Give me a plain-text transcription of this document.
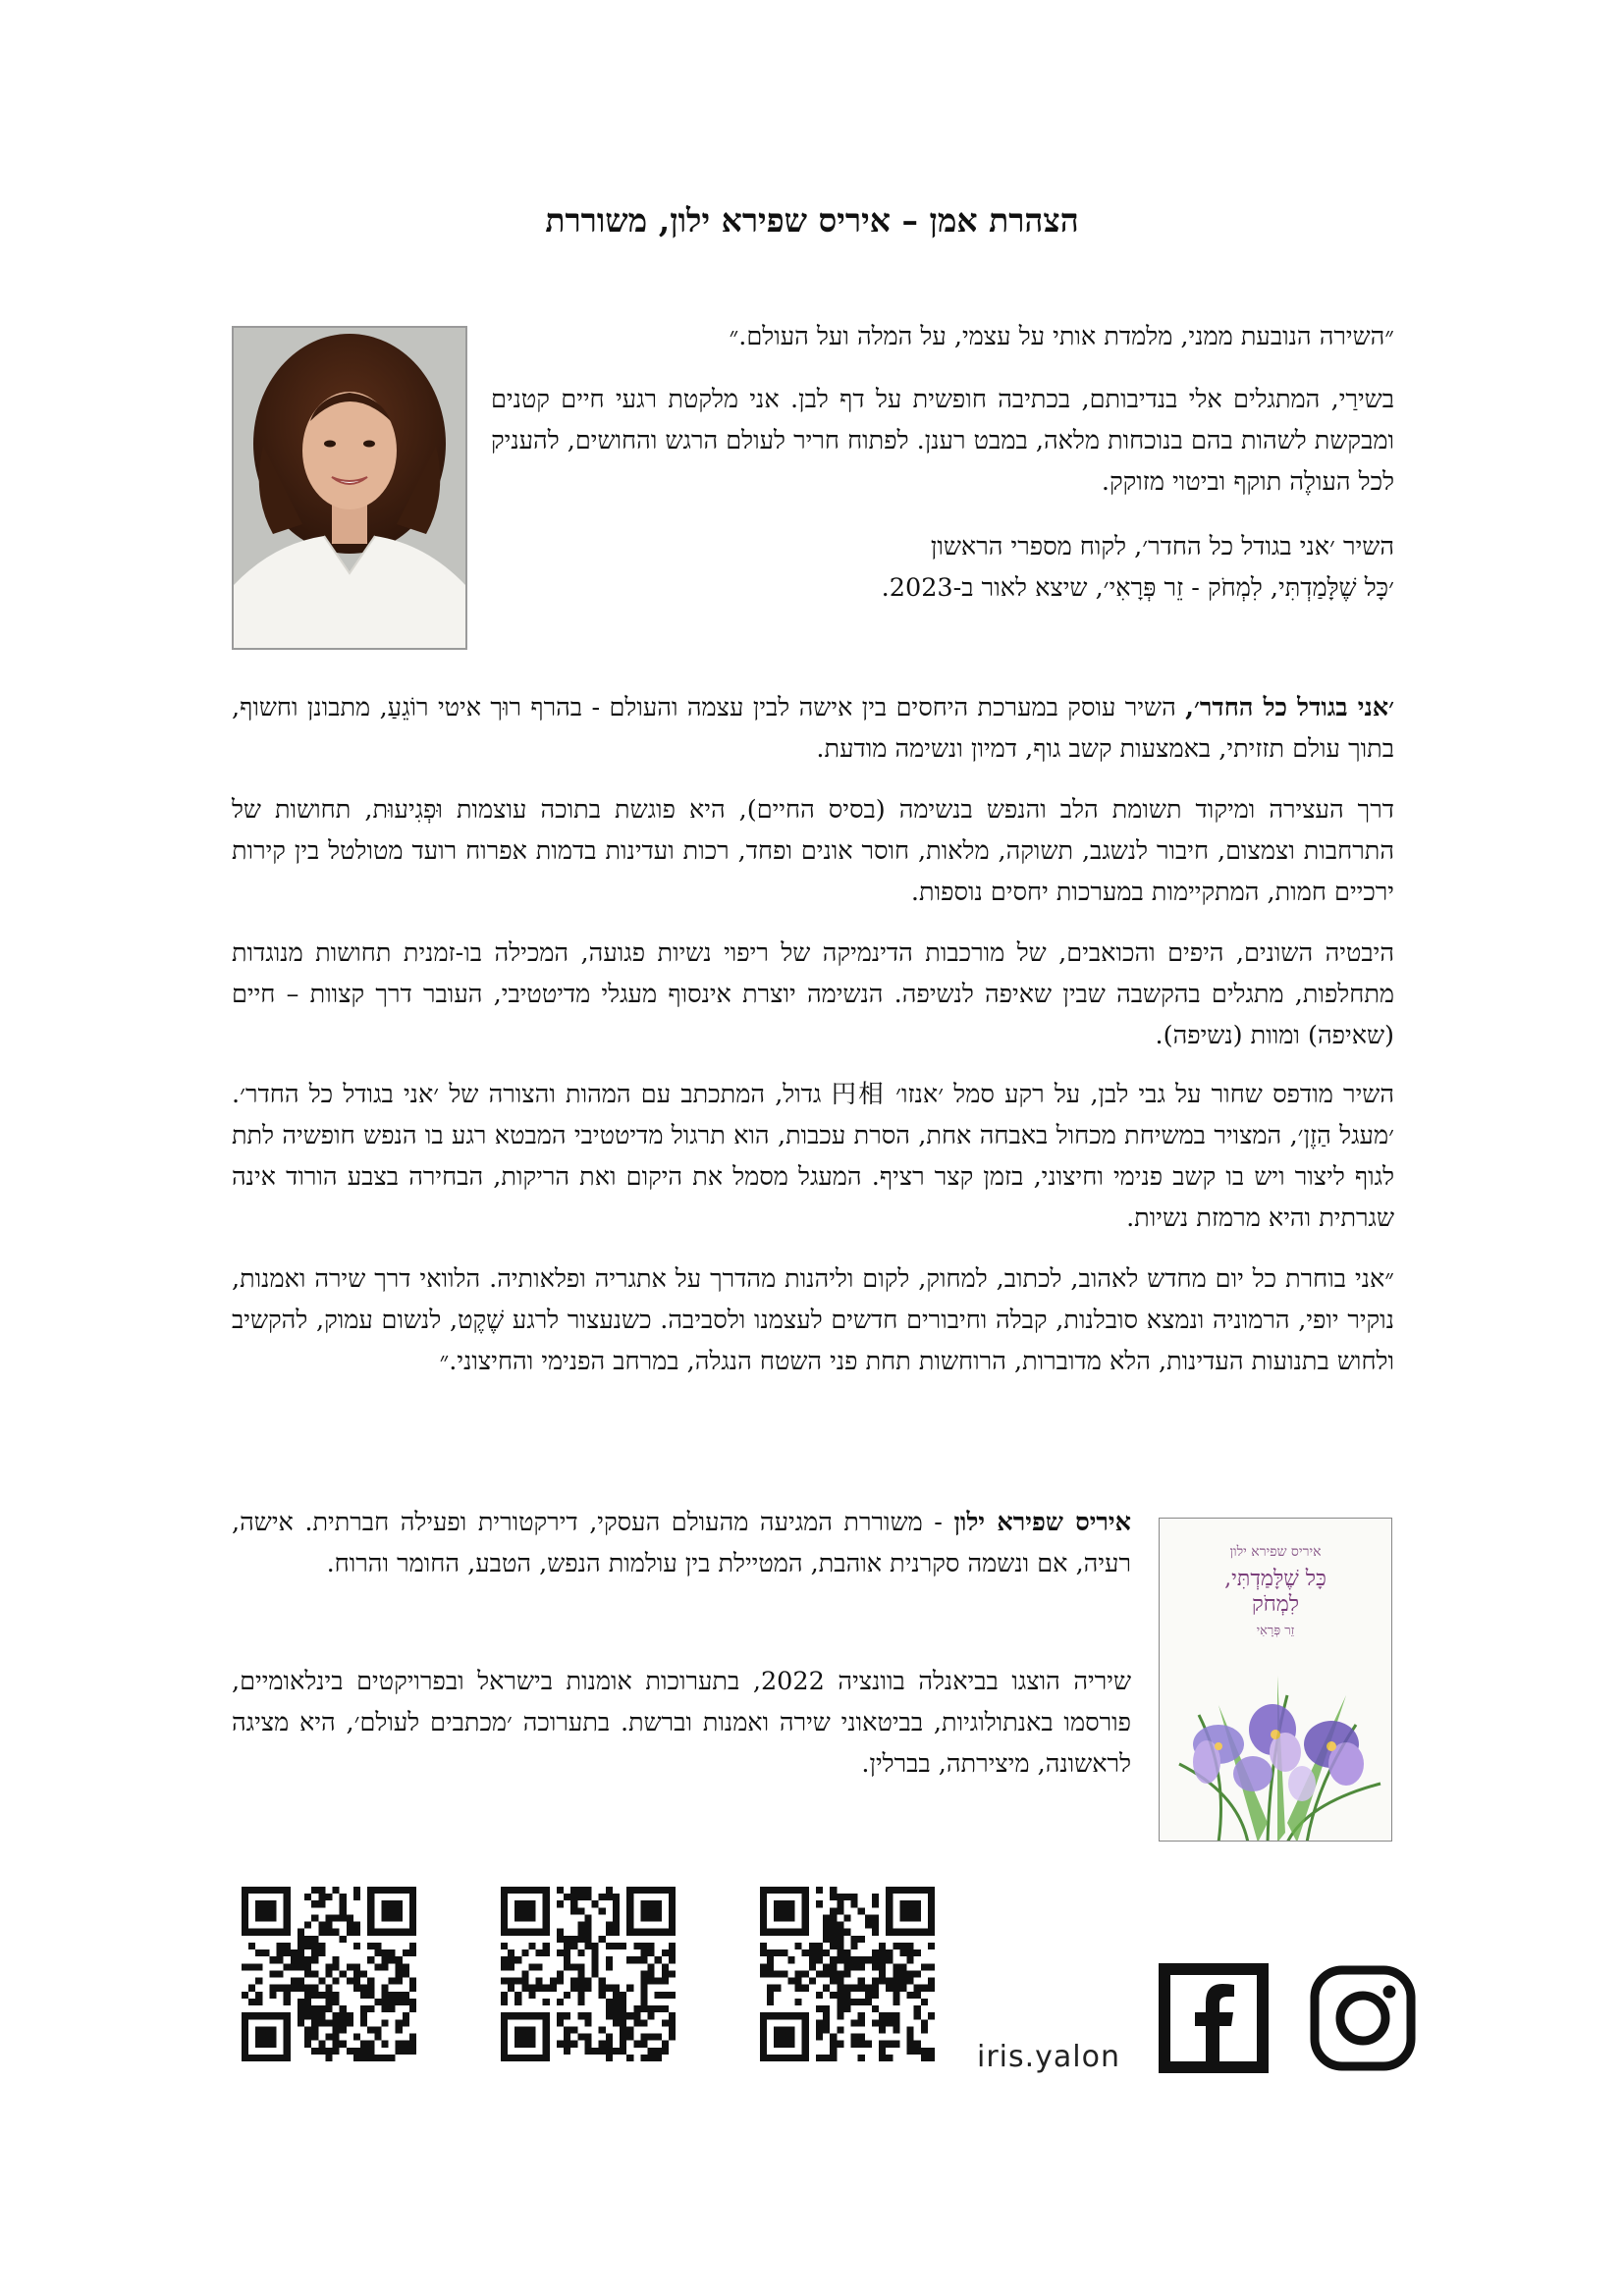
הצהרת אמן – איריס שפירא ילון, משוררת

״השירה הנובעת ממני, מלמדת אותי על עצמי, על המלה ועל העולם.״

בשירַי, המתגלים אלי בנדיבותם, בכתיבה חופשית על דף לבן. אני מלקטת רגעי חיים קטנים ומבקשת לשהות בהם בנוכחות מלאה, במבט רענן. לפתוח חריר לעולם הרגש והחושים, להעניק לכל העולֶה תוקף וביטוי מזוקק.

השיר ׳אני בגודל כל החדר׳, לקוח מספרי הראשון

׳כָּל שֶׁלָּמַדְתִּי, לִמְחֹק - זֵר פְּרָאִי׳, שיצא לאור ב-2023.

׳אני בגודל כל החדר׳, השיר עוסק במערכת היחסים בין אישה לבין עצמה והעולם - בהרף רוּך איטי רוֹגֵעַ, מתבונן וחשוף, בתוך עולם תזזיתי, באמצעות קשב גוף, דמיון ונשימה מודעת.

דרך העצירה ומיקוד תשומת הלב והנפש בנשימה (בסיס החיים), היא פוגשת בתוכה עוצמות וּפְגִיעוּת, תחושות של התרחבות וצמצום, חיבור לנשגב, תשוקה, מלאות, חוסר אונים ופחד, רכות ועדינות בדמות אפרוח רועד מטולטל בין קירות ירכיים חמות, המתקיימות במערכות יחסים נוספות.

היבטיה השונים, היפים והכואבים, של מורכבות הדינמיקה של ריפוי נשיות פגועה, המכילה בו-זמנית תחושות מנוגדות מתחלפות, מתגלים בהקשבה שבין שאיפה לנשיפה. הנשימה יוצרת אינסוף מעגלי מדיטטיבי, העובר דרך קצוות – חיים (שאיפה) ומוות (נשיפה).

השיר מודפס שחור על גבי לבן, על רקע סמל ׳אנזו׳ 円相 גדול, המתכתב עם המהות והצורה של ׳אני בגודל כל החדר׳. ׳מעגל הַזֶן׳, המצויר במשיחת מכחול באבחה אחת, הסרת עכבות, הוא תרגול מדיטטיבי המבטא רגע בו הנפש חופשיה לתת לגוף ליצור ויש בו קשב פנימי וחיצוני, בזמן קצר רציף. המעגל מסמל את היקום ואת הריקות, הבחירה בצבע הורוד אינה שגרתית והיא מרמזת נשיות.

״אני בוחרת כל יום מחדש לאהוב, לכתוב, למחוק, לקום וליהנות מהדרך על אתגריה ופלאותיה. הלוואי דרך שירה ואמנות, נוקיר יופי, הרמוניה ונמצא סובלנות, קבלה וחיבורים חדשים לעצמנו ולסביבה. כשנעצור לרגע שֶׁקֶט, לנשום עמוק, להקשיב ולחוש בתנועות העדינות, הלא מדוברות, הרוחשות תחת פני השטח הנגלה, במרחב הפנימי והחיצוני.״

איריס שפירא ילון - משוררת המגיעה מהעולם העסקי, דירקטורית ופעילה חברתית. אישה, רעיה, אם ונשמה סקרנית אוהבת, המטיילת בין עולמות הנפש, הטבע, החומר והרוח.

שיריה הוצגו בביאנלה בוונציה 2022, בתערוכות אומנות בישראל ובפרויקטים בינלאומיים, פורסמו באנתולוגיות, בביטאוני שירה ואמנות וברשת. בתערוכה ׳מכתבים לעולם׳, היא מציגה לראשונה, מיצירתה, בברלין.

איריס שפירא ילון
כָּל שֶׁלָּמַדְתִּי,
לִמְחֹק
זֵר פְּרָאִי
iris.yalon
